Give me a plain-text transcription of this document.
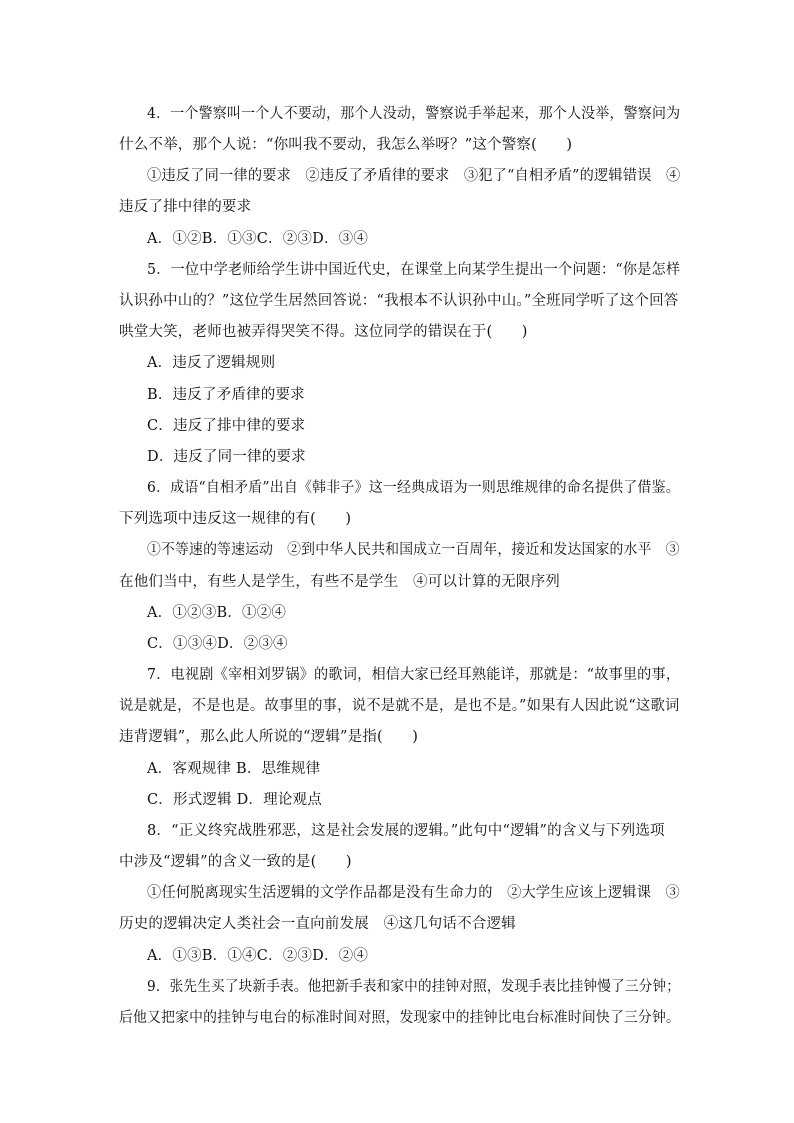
4．一个警察叫一个人不要动，那个人没动，警察说手举起来，那个人没举，警察问为
什么不举，那个人说：“你叫我不要动，我怎么举呀？”这个警察(　　)
①违反了同一律的要求　②违反了矛盾律的要求　③犯了“自相矛盾”的逻辑错误　④
违反了排中律的要求
A．①②B．①③C．②③D．③④
5．一位中学老师给学生讲中国近代史，在课堂上向某学生提出一个问题：“你是怎样
认识孙中山的？”这位学生居然回答说：“我根本不认识孙中山。”全班同学听了这个回答
哄堂大笑，老师也被弄得哭笑不得。这位同学的错误在于(　　)
A．违反了逻辑规则
B．违反了矛盾律的要求
C．违反了排中律的要求
D．违反了同一律的要求
6．成语“自相矛盾”出自《韩非子》这一经典成语为一则思维规律的命名提供了借鉴。
下列选项中违反这一规律的有(　　)
①不等速的等速运动　②到中华人民共和国成立一百周年，接近和发达国家的水平　③
在他们当中，有些人是学生，有些不是学生　④可以计算的无限序列
A．①②③B．①②④
C．①③④D．②③④
7．电视剧《宰相刘罗锅》的歌词，相信大家已经耳熟能详，那就是：“故事里的事，
说是就是，不是也是。故事里的事，说不是就不是，是也不是。”如果有人因此说“这歌词
违背逻辑”，那么此人所说的“逻辑”是指(　　)
A．客观规律 B．思维规律
C．形式逻辑 D．理论观点
8．“正义终究战胜邪恶，这是社会发展的逻辑。”此句中“逻辑”的含义与下列选项
中涉及“逻辑”的含义一致的是(　　)
①任何脱离现实生活逻辑的文学作品都是没有生命力的　②大学生应该上逻辑课　③
历史的逻辑决定人类社会一直向前发展　④这几句话不合逻辑
A．①③B．①④C．②③D．②④
9．张先生买了块新手表。他把新手表和家中的挂钟对照，发现手表比挂钟慢了三分钟；
后他又把家中的挂钟与电台的标准时间对照，发现家中的挂钟比电台标准时间快了三分钟。
